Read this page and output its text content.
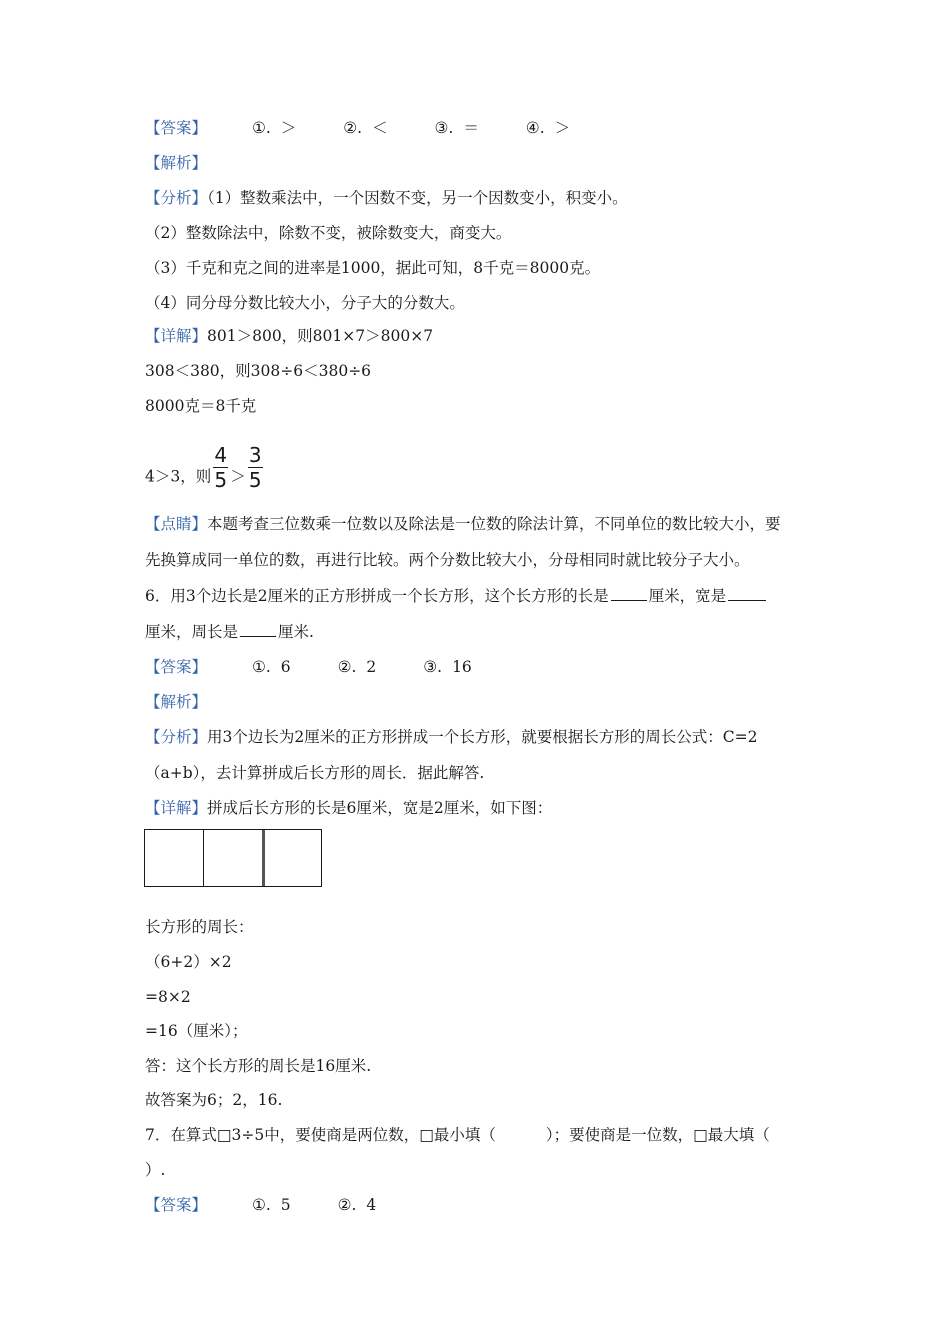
【答案】	①. ＞	②. ＜	③. ＝	④. ＞
【解析】
【分析】（1）整数乘法中，一个因数不变，另一个因数变小，积变小。
（2）整数除法中，除数不变，被除数变大，商变大。
（3）千克和克之间的进率是1000，据此可知，8千克＝8000克。
（4）同分母分数比较大小，分子大的分数大。
【详解】801＞800，则801×7＞800×7
308＜380，则308÷6＜380÷6
8000克＝8千克
4＞3，则 $\frac{4}{5} > \frac{3}{5}$
【点睛】本题考查三位数乘一位数以及除法是一位数的除法计算，不同单位的数比较大小，要
先换算成同一单位的数，再进行比较。两个分数比较大小，分母相同时就比较分子大小。
6．用3个边长是2厘米的正方形拼成一个长方形，这个长方形的长是	厘米，宽是
厘米，周长是	厘米.
【答案】	①. 6	②. 2	③. 16
【解析】
【分析】用3个边长为2厘米的正方形拼成一个长方形，就要根据长方形的周长公式：C=2
（a+b），去计算拼成后长方形的周长．据此解答.
【详解】拼成后长方形的长是6厘米，宽是2厘米，如下图：
长方形的周长：
（6+2）×2
=8×2
=16（厘米）；
答：这个长方形的周长是16厘米.
故答案为6；2，16.
7．在算式□3÷5中，要使商是两位数，□最小填（	）；要使商是一位数，□最大填（
）.
【答案】	①. 5	②. 4
